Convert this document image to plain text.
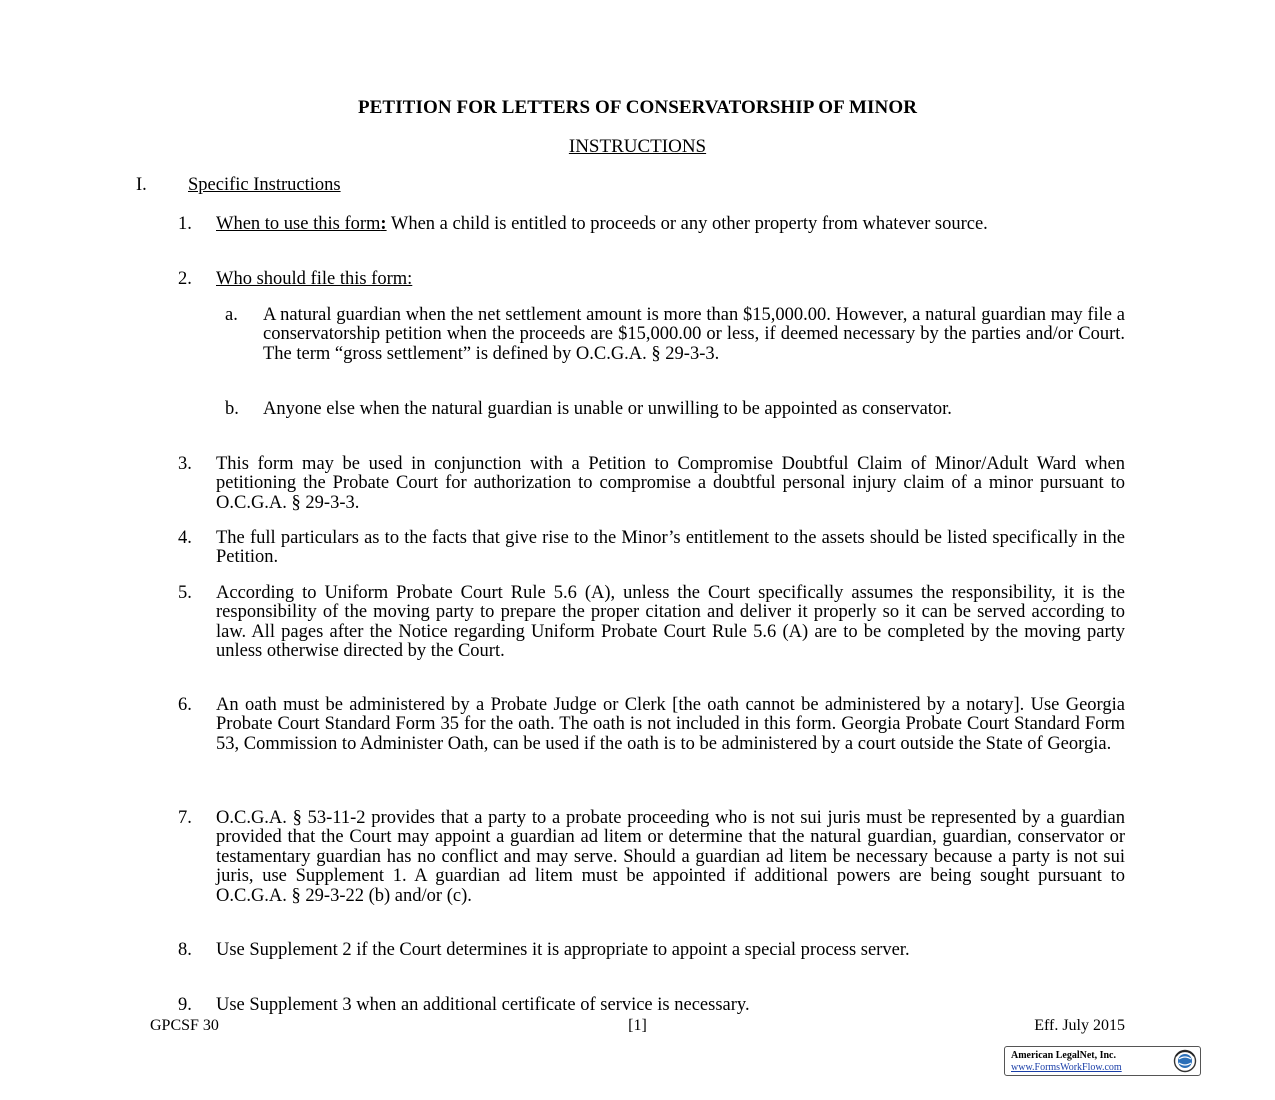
PETITION FOR LETTERS OF CONSERVATORSHIP OF MINOR
INSTRUCTIONS
I. Specific Instructions
1.	When to use this form: When a child is entitled to proceeds or any other property from whatever source.
2.	Who should file this form:
a.	A natural guardian when the net settlement amount is more than $15,000.00. However, a natural guardian may file a conservatorship petition when the proceeds are $15,000.00 or less, if deemed necessary by the parties and/or Court. The term “gross settlement” is defined by O.C.G.A. § 29-3-3.
b.	Anyone else when the natural guardian is unable or unwilling to be appointed as conservator.
3.	This form may be used in conjunction with a Petition to Compromise Doubtful Claim of Minor/Adult Ward when petitioning the Probate Court for authorization to compromise a doubtful personal injury claim of a minor pursuant to O.C.G.A. § 29-3-3.
4.	The full particulars as to the facts that give rise to the Minor’s entitlement to the assets should be listed specifically in the Petition.
5.	According to Uniform Probate Court Rule 5.6 (A), unless the Court specifically assumes the responsibility, it is the responsibility of the moving party to prepare the proper citation and deliver it properly so it can be served according to law. All pages after the Notice regarding Uniform Probate Court Rule 5.6 (A) are to be completed by the moving party unless otherwise directed by the Court.
6.	An oath must be administered by a Probate Judge or Clerk [the oath cannot be administered by a notary]. Use Georgia Probate Court Standard Form 35 for the oath. The oath is not included in this form. Georgia Probate Court Standard Form 53, Commission to Administer Oath, can be used if the oath is to be administered by a court outside the State of Georgia.
7.	O.C.G.A. § 53-11-2 provides that a party to a probate proceeding who is not sui juris must be represented by a guardian provided that the Court may appoint a guardian ad litem or determine that the natural guardian, guardian, conservator or testamentary guardian has no conflict and may serve. Should a guardian ad litem be necessary because a party is not sui juris, use Supplement 1. A guardian ad litem must be appointed if additional powers are being sought pursuant to O.C.G.A. § 29-3-22 (b) and/or (c).
8.	Use Supplement 2 if the Court determines it is appropriate to appoint a special process server.
9.	Use Supplement 3 when an additional certificate of service is necessary.
GPCSF 30	[1]	Eff. July 2015
American LegalNet, Inc.
www.FormsWorkFlow.com
